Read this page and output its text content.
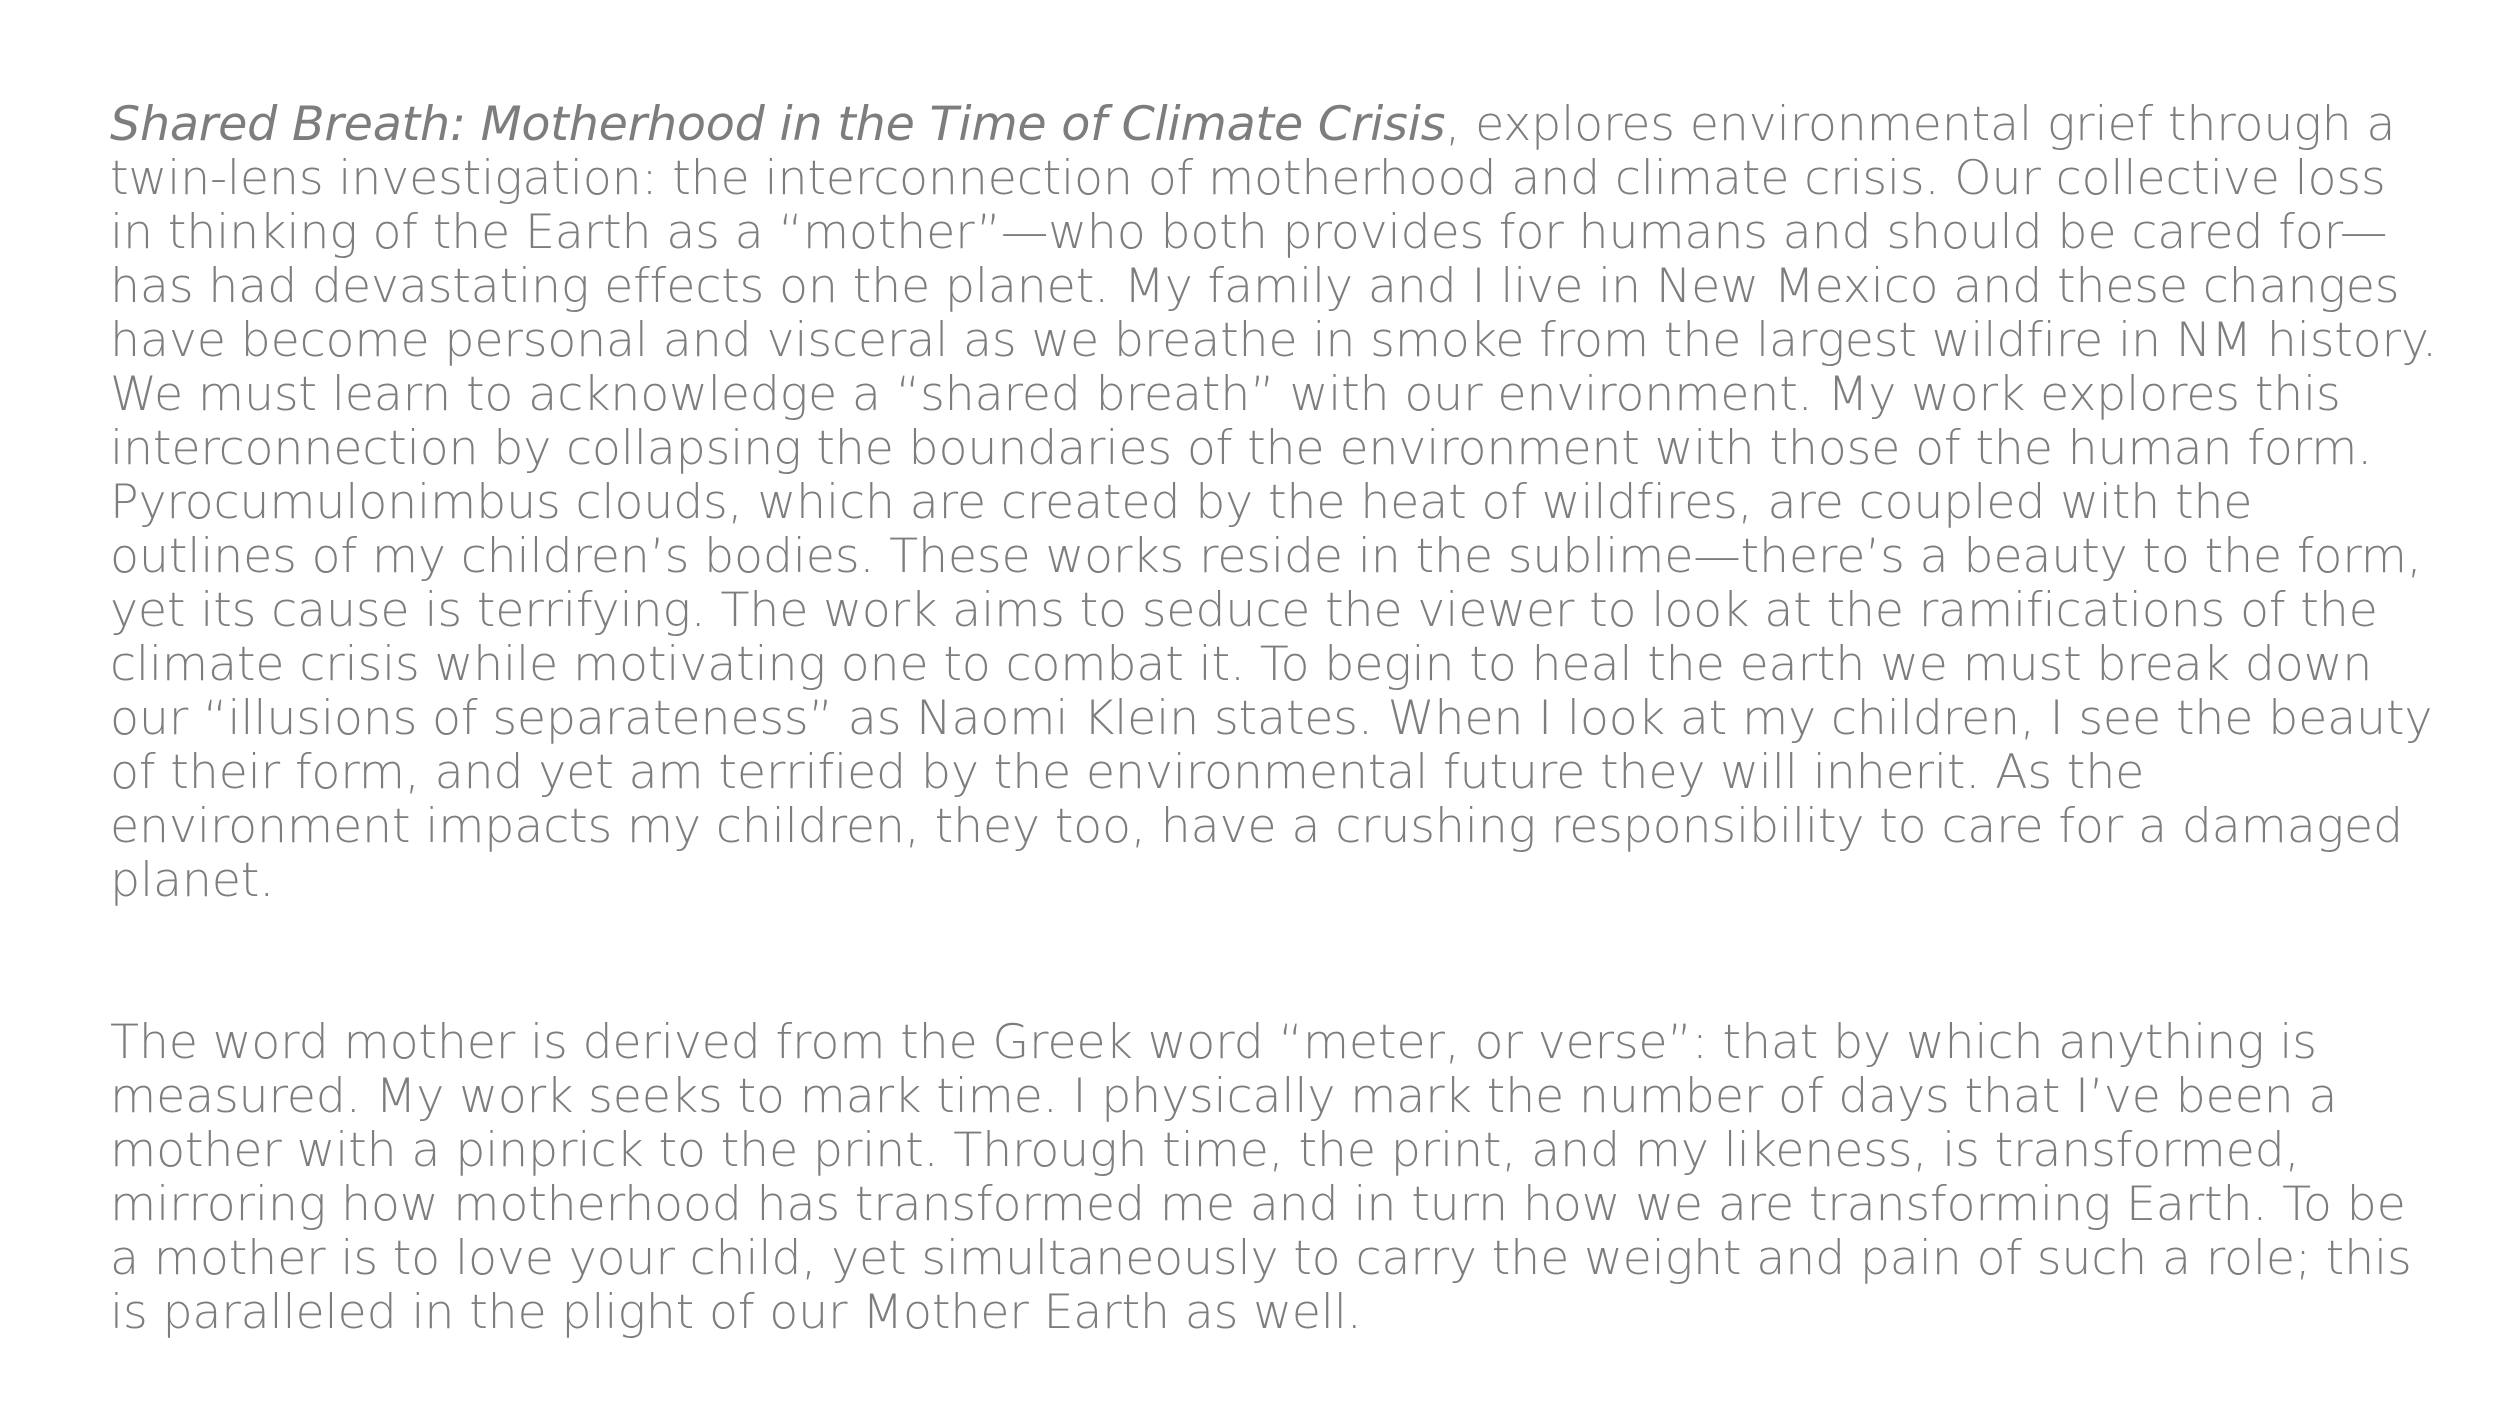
Shared Breath: Motherhood in the Time of Climate Crisis, explores environmental grief through a twin-lens investigation: the interconnection of motherhood and climate crisis. Our collective loss in thinking of the Earth as a “mother”—who both provides for humans and should be cared for—has had devastating effects on the planet. My family and I live in New Mexico and these changes have become personal and visceral as we breathe in smoke from the largest wildfire in NM history. We must learn to acknowledge a “shared breath” with our environment. My work explores this interconnection by collapsing the boundaries of the environment with those of the human form. Pyrocumulonimbus clouds, which are created by the heat of wildfires, are coupled with the outlines of my children’s bodies. These works reside in the sublime—there’s a beauty to the form, yet its cause is terrifying. The work aims to seduce the viewer to look at the ramifications of the climate crisis while motivating one to combat it. To begin to heal the earth we must break down our “illusions of separateness” as Naomi Klein states. When I look at my children, I see the beauty of their form, and yet am terrified by the environmental future they will inherit. As the environment impacts my children, they too, have a crushing responsibility to care for a damaged planet.

The word mother is derived from the Greek word “meter, or verse”: that by which anything is measured. My work seeks to mark time. I physically mark the number of days that I’ve been a mother with a pinprick to the print. Through time, the print, and my likeness, is transformed, mirroring how motherhood has transformed me and in turn how we are transforming Earth. To be a mother is to love your child, yet simultaneously to carry the weight and pain of such a role; this is paralleled in the plight of our Mother Earth as well.
